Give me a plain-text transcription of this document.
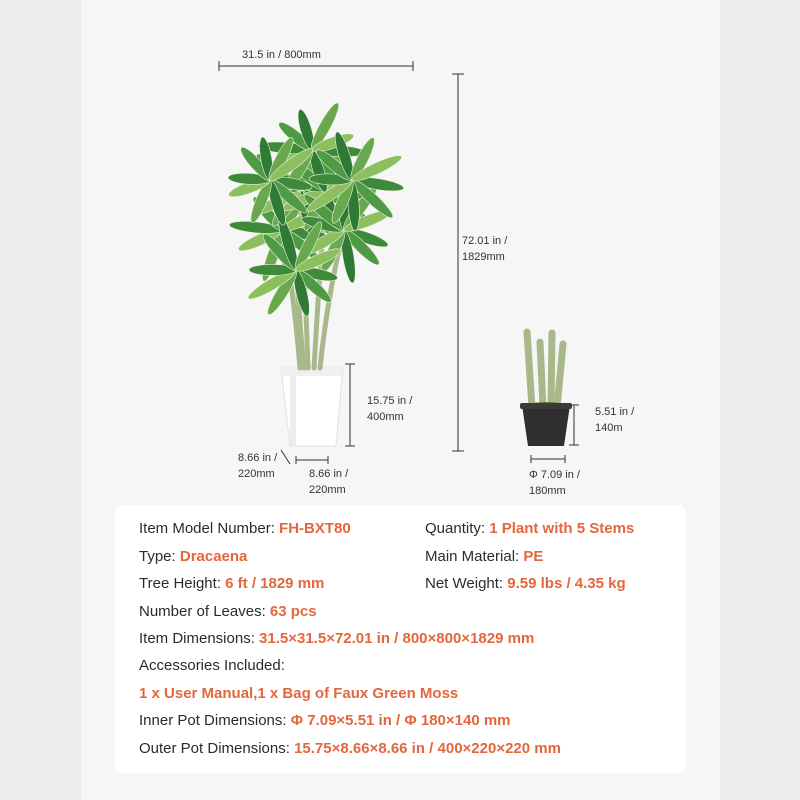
31.5 in / 800mm
72.01 in /
1829mm
15.75 in /
400mm
8.66 in /
220mm	8.66 in /
220mm
5.51 in /
140m
Φ 7.09 in /
180mm
Item Model Number: FH-BXT80	Quantity: 1 Plant with 5 Stems
Type: Dracaena	Main Material: PE
Tree Height: 6 ft / 1829 mm	Net Weight: 9.59 lbs / 4.35 kg
Number of Leaves: 63 pcs
Item Dimensions: 31.5×31.5×72.01 in / 800×800×1829 mm
Accessories Included:
1 x User Manual,1 x Bag of Faux Green Moss
Inner Pot Dimensions: Φ 7.09×5.51 in / Φ 180×140 mm
Outer Pot Dimensions: 15.75×8.66×8.66 in / 400×220×220 mm
